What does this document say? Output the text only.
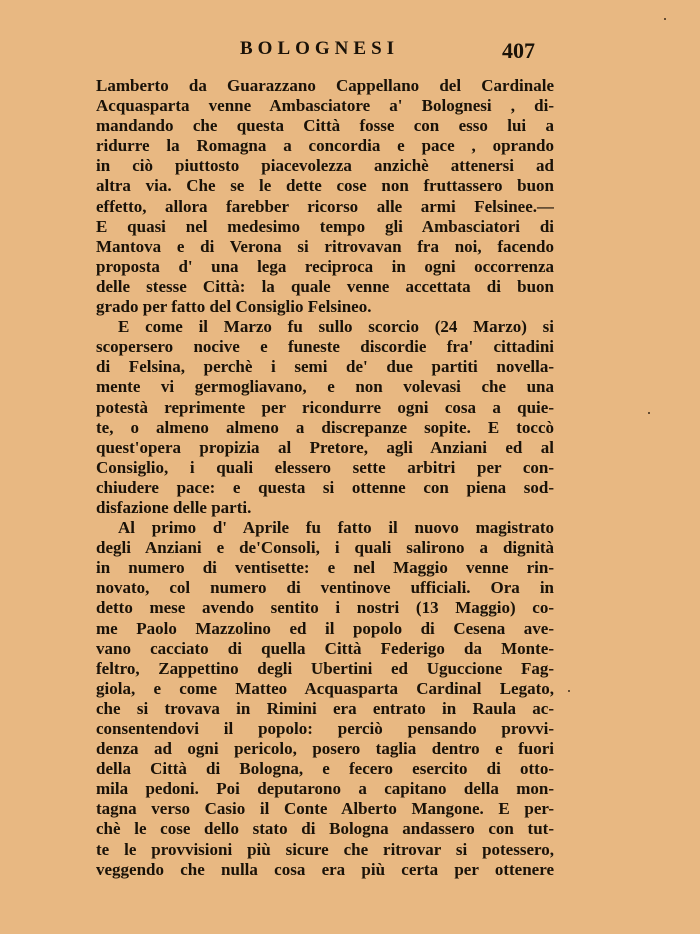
BOLOGNESI	407
Lamberto da Guarazzano Cappellano del Cardinale
Acquasparta venne Ambasciatore a' Bolognesi , di-
mandando che questa Città fosse con esso lui a
ridurre la Romagna a concordia e pace , oprando
in ciò piuttosto piacevolezza anzichè attenersi ad
altra via. Che se le dette cose non fruttassero buon
effetto, allora farebber ricorso alle armi Felsinee.—
E quasi nel medesimo tempo gli Ambasciatori di
Mantova e di Verona si ritrovavan fra noi, facendo
proposta d' una lega reciproca in ogni occorrenza
delle stesse Città: la quale venne accettata di buon
grado per fatto del Consiglio Felsineo.
E come il Marzo fu sullo scorcio (24 Marzo) si
scopersero nocive e funeste discordie fra' cittadini
di Felsina, perchè i semi de' due partiti novella-
mente vi germogliavano, e non volevasi che una
potestà reprimente per ricondurre ogni cosa a quie-
te, o almeno almeno a discrepanze sopite. E toccò
quest'opera propizia al Pretore, agli Anziani ed al
Consiglio, i quali elessero sette arbitri per con-
chiudere pace: e questa si ottenne con piena sod-
disfazione delle parti.
Al primo d' Aprile fu fatto il nuovo magistrato
degli Anziani e de'Consoli, i quali salirono a dignità
in numero di ventisette: e nel Maggio venne rin-
novato, col numero di ventinove ufficiali. Ora in
detto mese avendo sentito i nostri (13 Maggio) co-
me Paolo Mazzolino ed il popolo di Cesena ave-
vano cacciato di quella Città Federigo da Monte-
feltro, Zappettino degli Ubertini ed Uguccione Fag-
giola, e come Matteo Acquasparta Cardinal Legato,
che si trovava in Rimini era entrato in Raula ac-
consentendovi il popolo: perciò pensando provvi-
denza ad ogni pericolo, posero taglia dentro e fuori
della Città di Bologna, e fecero esercito di otto-
mila pedoni. Poi deputarono a capitano della mon-
tagna verso Casio il Conte Alberto Mangone. E per-
chè le cose dello stato di Bologna andassero con tut-
te le provvisioni più sicure che ritrovar si potessero,
veggendo che nulla cosa era più certa per ottenere
